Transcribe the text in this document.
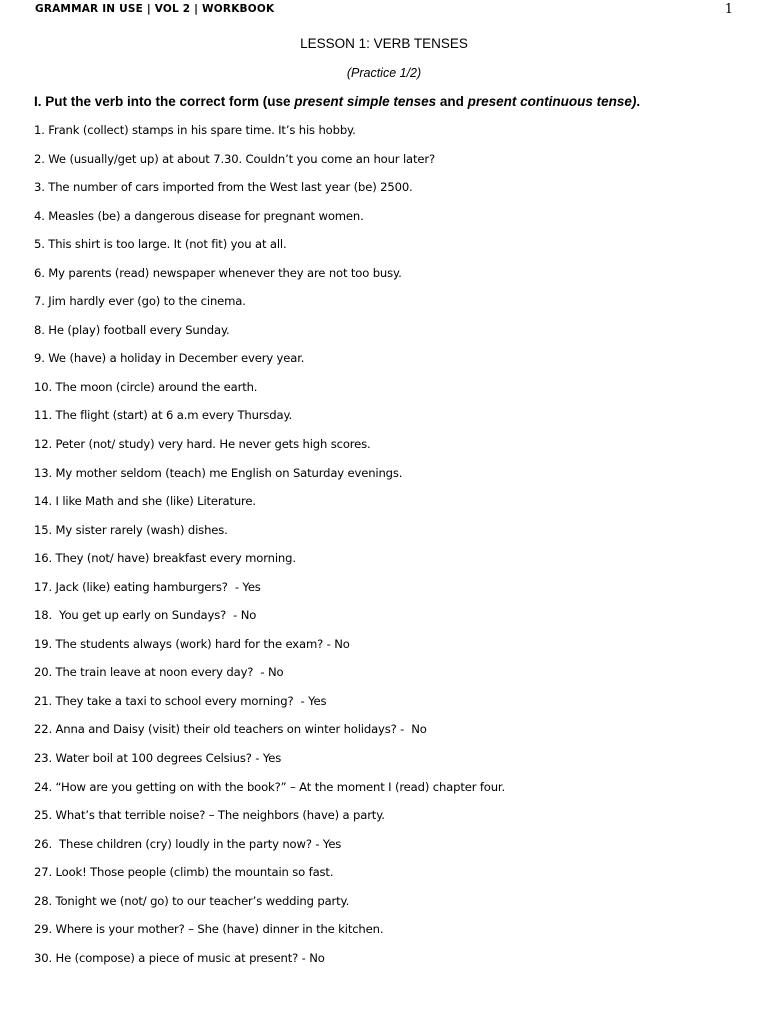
GRAMMAR IN USE | VOL 2 | WORKBOOK	1
LESSON 1: VERB TENSES
(Practice 1/2)
I. Put the verb into the correct form (use present simple tenses and present continuous tense).
1. Frank (collect) stamps in his spare time. It’s his hobby.
2. We (usually/get up) at about 7.30. Couldn’t you come an hour later?
3. The number of cars imported from the West last year (be) 2500.
4. Measles (be) a dangerous disease for pregnant women.
5. This shirt is too large. It (not fit) you at all.
6. My parents (read) newspaper whenever they are not too busy.
7. Jim hardly ever (go) to the cinema.
8. He (play) football every Sunday.
9. We (have) a holiday in December every year.
10. The moon (circle) around the earth.
11. The flight (start) at 6 a.m every Thursday.
12. Peter (not/ study) very hard. He never gets high scores.
13. My mother seldom (teach) me English on Saturday evenings.
14. I like Math and she (like) Literature.
15. My sister rarely (wash) dishes.
16. They (not/ have) breakfast every morning.
17. Jack (like) eating hamburgers?  - Yes
18.  You get up early on Sundays?  - No
19. The students always (work) hard for the exam? - No
20. The train leave at noon every day?  - No
21. They take a taxi to school every morning?  - Yes
22. Anna and Daisy (visit) their old teachers on winter holidays? -  No
23. Water boil at 100 degrees Celsius? - Yes
24. “How are you getting on with the book?” – At the moment I (read) chapter four.
25. What’s that terrible noise? – The neighbors (have) a party.
26.  These children (cry) loudly in the party now? - Yes
27. Look! Those people (climb) the mountain so fast.
28. Tonight we (not/ go) to our teacher’s wedding party.
29. Where is your mother? – She (have) dinner in the kitchen.
30. He (compose) a piece of music at present? - No
